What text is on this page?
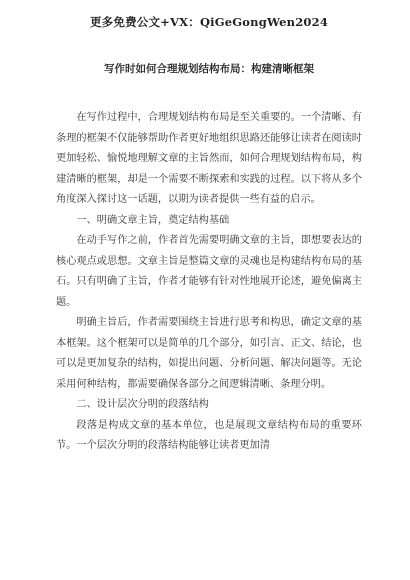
更多免费公文+VX：QiGeGongWen2024
写作时如何合理规划结构布局：构建清晰框架

在写作过程中，合理规划结构布局是至关重要的。一个清晰、有条理的框架不仅能够帮助作者更好地组织思路还能够让读者在阅读时更加轻松、愉悦地理解文章的主旨然而，如何合理规划结构布局，构建清晰的框架，却是一个需要不断探索和实践的过程。以下将从多个角度深入探讨这一话题，以期为读者提供一些有益的启示。

一、明确文章主旨，奠定结构基础

在动手写作之前，作者首先需要明确文章的主旨，即想要表达的核心观点或思想。文章主旨是整篇文章的灵魂也是构建结构布局的基石。只有明确了主旨，作者才能够有针对性地展开论述，避免偏离主题。

明确主旨后，作者需要围绕主旨进行思考和构思，确定文章的基本框架。这个框架可以是简单的几个部分，如引言、正文、结论，也可以是更加复杂的结构，如提出问题、分析问题、解决问题等。无论采用何种结构，都需要确保各部分之间逻辑清晰、条理分明。

二、设计层次分明的段落结构

段落是构成文章的基本单位，也是展现文章结构布局的重要环节。一个层次分明的段落结构能够让读者更加清
